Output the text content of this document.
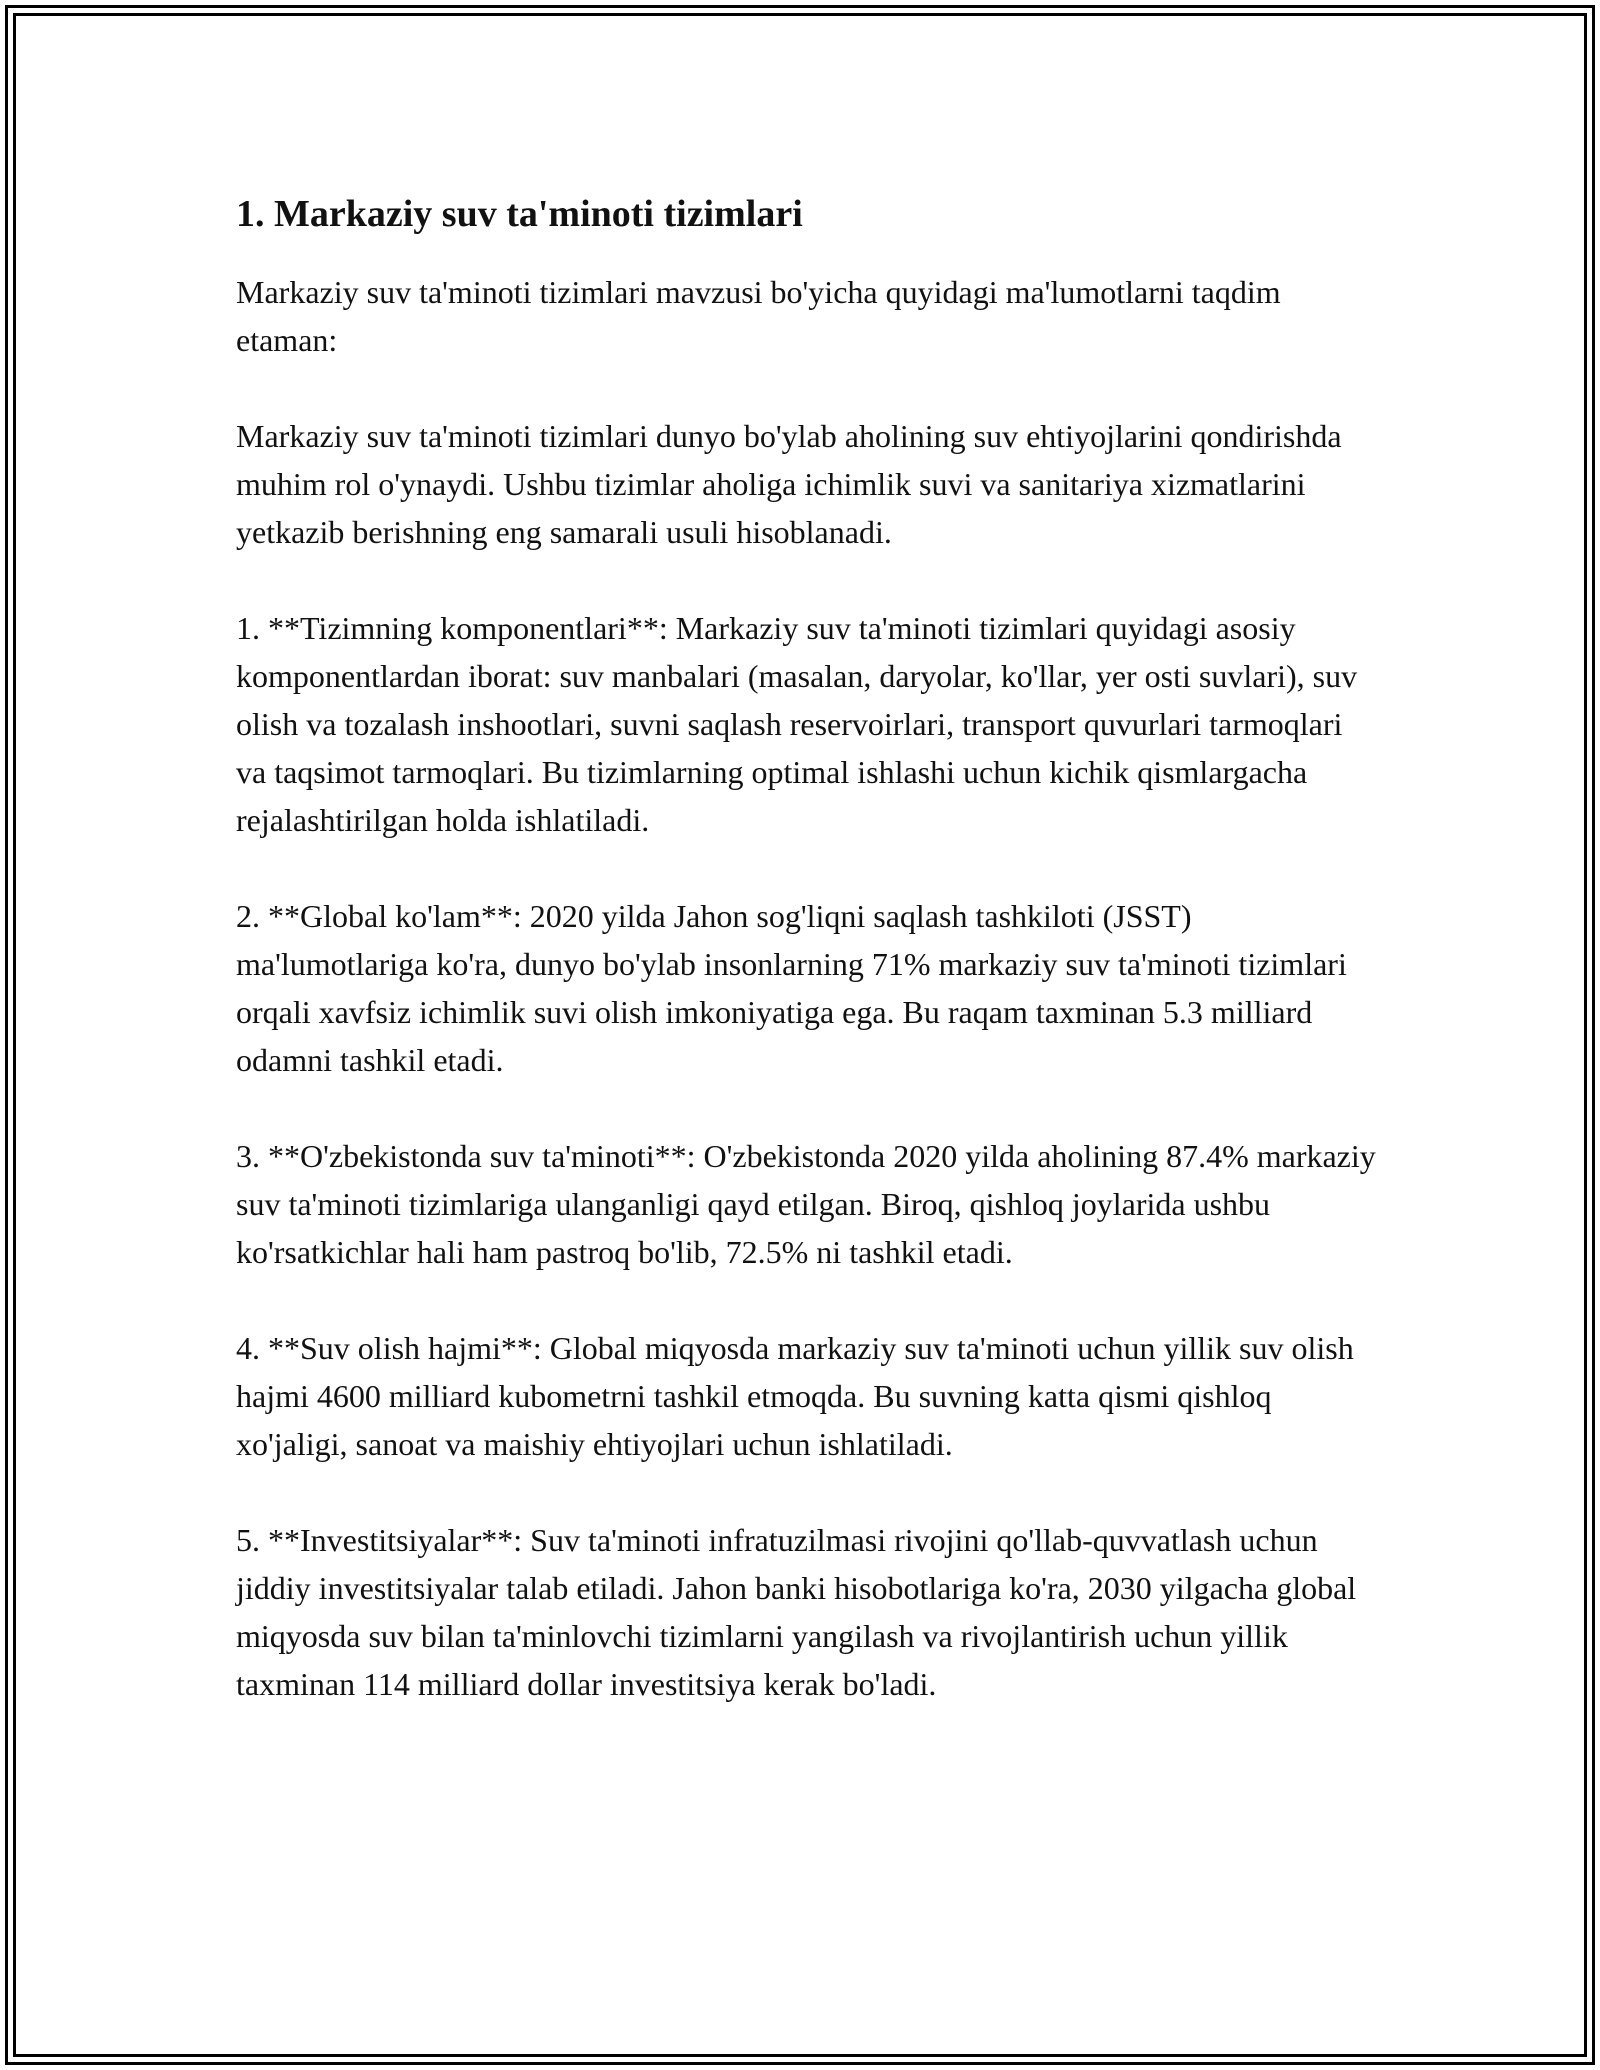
1. Markaziy suv ta'minoti tizimlari

Markaziy suv ta'minoti tizimlari mavzusi bo'yicha quyidagi ma'lumotlarni taqdim etaman:

Markaziy suv ta'minoti tizimlari dunyo bo'ylab aholining suv ehtiyojlarini qondirishda muhim rol o'ynaydi. Ushbu tizimlar aholiga ichimlik suvi va sanitariya xizmatlarini yetkazib berishning eng samarali usuli hisoblanadi.

1. **Tizimning komponentlari**: Markaziy suv ta'minoti tizimlari quyidagi asosiy komponentlardan iborat: suv manbalari (masalan, daryolar, ko'llar, yer osti suvlari), suv olish va tozalash inshootlari, suvni saqlash reservoirlari, transport quvurlari tarmoqlari va taqsimot tarmoqlari. Bu tizimlarning optimal ishlashi uchun kichik qismlargacha rejalashtirilgan holda ishlatiladi.

2. **Global ko'lam**: 2020 yilda Jahon sog'liqni saqlash tashkiloti (JSST) ma'lumotlariga ko'ra, dunyo bo'ylab insonlarning 71% markaziy suv ta'minoti tizimlari orqali xavfsiz ichimlik suvi olish imkoniyatiga ega. Bu raqam taxminan 5.3 milliard odamni tashkil etadi.

3. **O'zbekistonda suv ta'minoti**: O'zbekistonda 2020 yilda aholining 87.4% markaziy suv ta'minoti tizimlariga ulanganligi qayd etilgan. Biroq, qishloq joylarida ushbu ko'rsatkichlar hali ham pastroq bo'lib, 72.5% ni tashkil etadi.

4. **Suv olish hajmi**: Global miqyosda markaziy suv ta'minoti uchun yillik suv olish hajmi 4600 milliard kubometrni tashkil etmoqda. Bu suvning katta qismi qishloq xo'jaligi, sanoat va maishiy ehtiyojlari uchun ishlatiladi.

5. **Investitsiyalar**: Suv ta'minoti infratuzilmasi rivojini qo'llab-quvvatlash uchun jiddiy investitsiyalar talab etiladi. Jahon banki hisobotlariga ko'ra, 2030 yilgacha global miqyosda suv bilan ta'minlovchi tizimlarni yangilash va rivojlantirish uchun yillik taxminan 114 milliard dollar investitsiya kerak bo'ladi.
